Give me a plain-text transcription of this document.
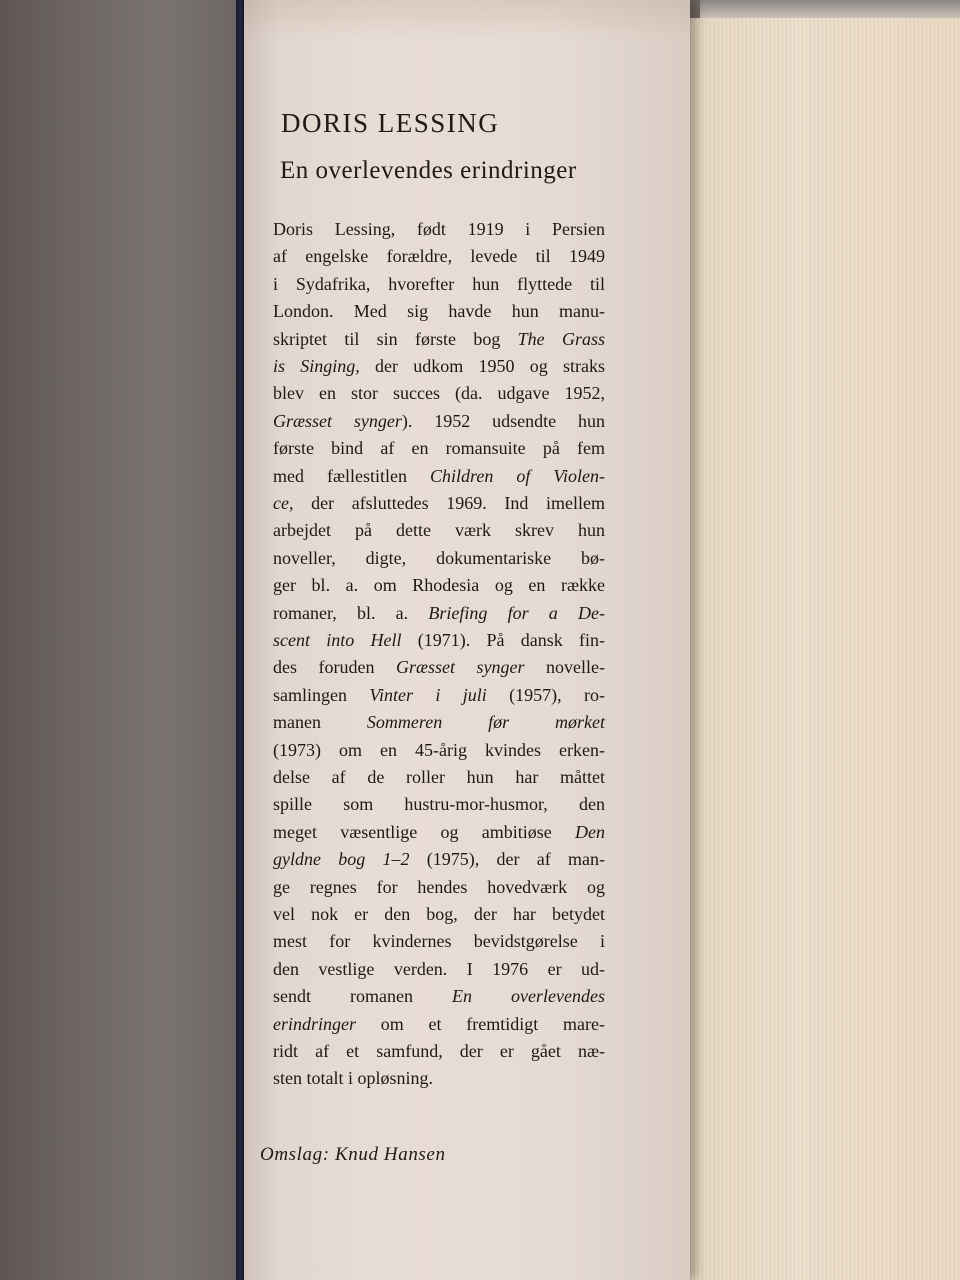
DORIS LESSING
En overlevendes erindringer
Doris Lessing, født 1919 i Persien
af engelske forældre, levede til 1949
i Sydafrika, hvorefter hun flyttede til
London. Med sig havde hun manu-
skriptet til sin første bog The Grass
is Singing, der udkom 1950 og straks
blev en stor succes (da. udgave 1952,
Græsset synger). 1952 udsendte hun
første bind af en romansuite på fem
med fællestitlen Children of Violen-
ce, der afsluttedes 1969. Ind imellem
arbejdet på dette værk skrev hun
noveller, digte, dokumentariske bø-
ger bl. a. om Rhodesia og en række
romaner, bl. a. Briefing for a De-
scent into Hell (1971). På dansk fin-
des foruden Græsset synger novelle-
samlingen Vinter i juli (1957), ro-
manen Sommeren før mørket
(1973) om en 45-årig kvindes erken-
delse af de roller hun har måttet
spille som hustru-mor-husmor, den
meget væsentlige og ambitiøse Den
gyldne bog 1–2 (1975), der af man-
ge regnes for hendes hovedværk og
vel nok er den bog, der har betydet
mest for kvindernes bevidstgørelse i
den vestlige verden. I 1976 er ud-
sendt romanen En overlevendes
erindringer om et fremtidigt mare-
ridt af et samfund, der er gået næ-
sten totalt i opløsning.
Omslag: Knud Hansen
